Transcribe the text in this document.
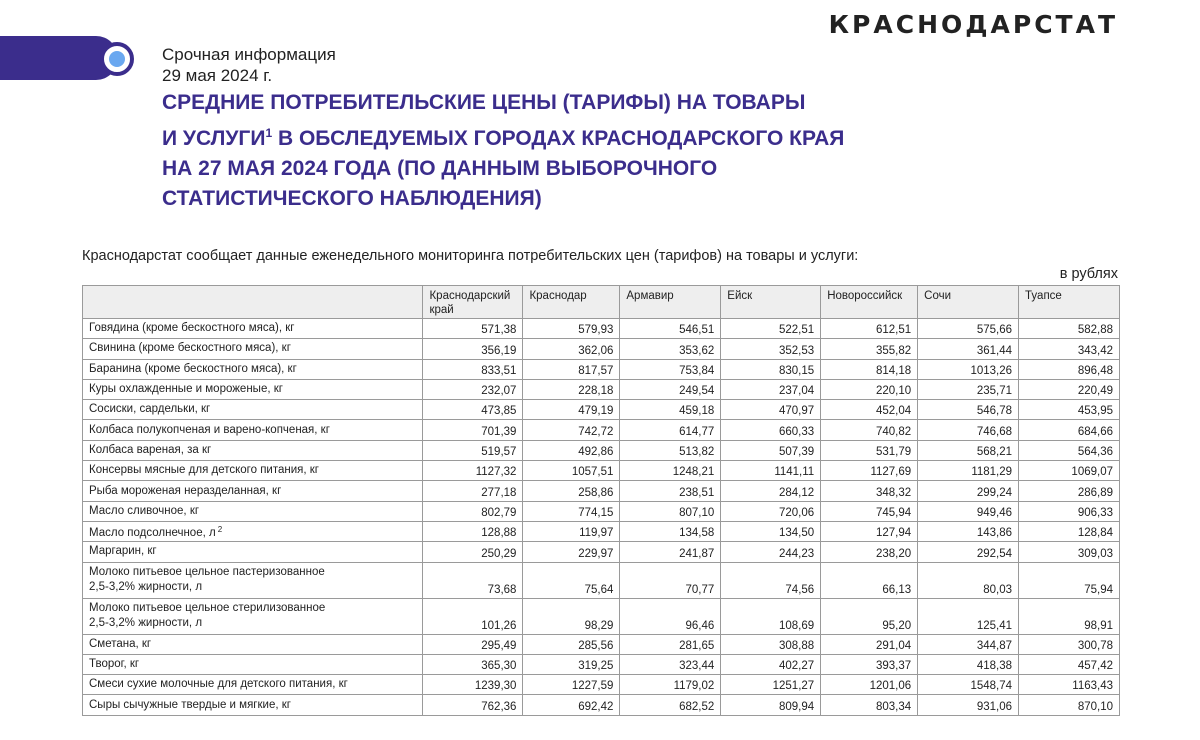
КРАСНОДАРСТАТ
Срочная информация
29 мая 2024 г.
СРЕДНИЕ ПОТРЕБИТЕЛЬСКИЕ ЦЕНЫ (ТАРИФЫ) НА ТОВАРЫ
И УСЛУГИ$^1$ В ОБСЛЕДУЕМЫХ ГОРОДАХ КРАСНОДАРСКОГО КРАЯ
НА 27 МАЯ 2024 ГОДА (ПО ДАННЫМ ВЫБОРОЧНОГО
СТАТИСТИЧЕСКОГО НАБЛЮДЕНИЯ)

Краснодарстат сообщает данные еженедельного мониторинга потребительских цен (тарифов) на товары и услуги:

в рублях
	Краснодарский край	Краснодар	Армавир	Ейск	Новороссийск	Сочи	Туапсе
Говядина (кроме бескостного мяса), кг	571,38	579,93	546,51	522,51	612,51	575,66	582,88
Свинина (кроме бескостного мяса), кг	356,19	362,06	353,62	352,53	355,82	361,44	343,42
Баранина (кроме бескостного мяса), кг	833,51	817,57	753,84	830,15	814,18	1013,26	896,48
Куры охлажденные и мороженые, кг	232,07	228,18	249,54	237,04	220,10	235,71	220,49
Сосиски, сардельки, кг	473,85	479,19	459,18	470,97	452,04	546,78	453,95
Колбаса полукопченая и варено-копченая, кг	701,39	742,72	614,77	660,33	740,82	746,68	684,66
Колбаса вареная, за кг	519,57	492,86	513,82	507,39	531,79	568,21	564,36
Консервы мясные для детского питания, кг	1127,32	1057,51	1248,21	1141,11	1127,69	1181,29	1069,07
Рыба мороженая неразделанная, кг	277,18	258,86	238,51	284,12	348,32	299,24	286,89
Масло сливочное, кг	802,79	774,15	807,10	720,06	745,94	949,46	906,33
Масло подсолнечное, л $^2$	128,88	119,97	134,58	134,50	127,94	143,86	128,84
Маргарин, кг	250,29	229,97	241,87	244,23	238,20	292,54	309,03
Молоко питьевое цельное пастеризованное
2,5-3,2% жирности, л	73,68	75,64	70,77	74,56	66,13	80,03	75,94
Молоко питьевое цельное стерилизованное
2,5-3,2% жирности, л	101,26	98,29	96,46	108,69	95,20	125,41	98,91
Сметана, кг	295,49	285,56	281,65	308,88	291,04	344,87	300,78
Творог, кг	365,30	319,25	323,44	402,27	393,37	418,38	457,42
Смеси сухие молочные для детского питания, кг	1239,30	1227,59	1179,02	1251,27	1201,06	1548,74	1163,43
Сыры сычужные твердые и мягкие, кг	762,36	692,42	682,52	809,94	803,34	931,06	870,10
